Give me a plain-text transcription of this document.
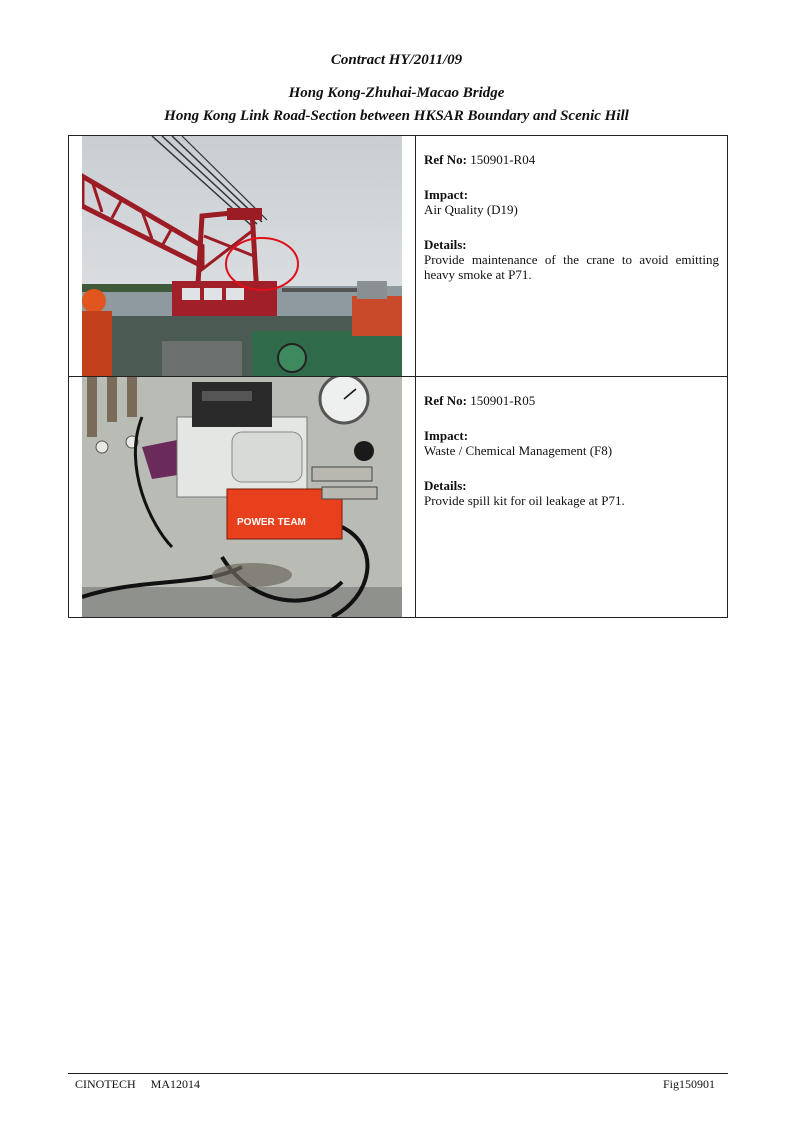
Contract HY/2011/09
Hong Kong-Zhuhai-Macao Bridge
Hong Kong Link Road-Section between HKSAR Boundary and Scenic Hill

Ref No: 150901-R04
Impact:
Air Quality (D19)
Details:
Provide maintenance of the crane to avoid emitting heavy smoke at P71.

POWER TEAM	Ref No: 150901-R05
Impact:
Waste / Chemical Management (F8)
Details:
Provide spill kit for oil leakage at P71.
CINOTECH MA12014	Fig150901
